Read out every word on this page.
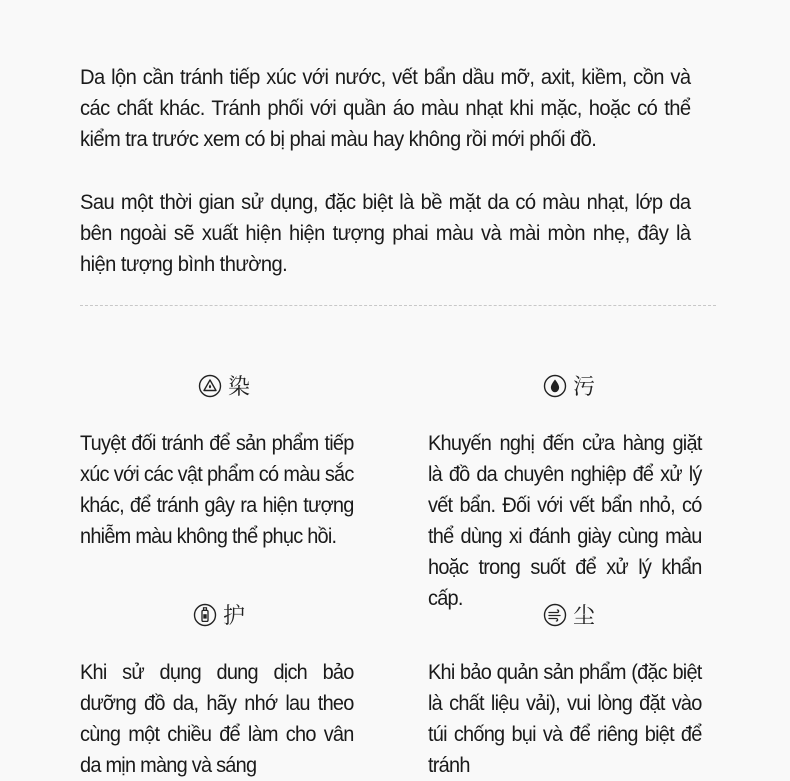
Da lộn cần tránh tiếp xúc với nước, vết bẩn dầu mỡ, axit, kiềm, cồn và các chất khác. Tránh phối với quần áo màu nhạt khi mặc, hoặc có thể kiểm tra trước xem có bị phai màu hay không rồi mới phối đồ.

Sau một thời gian sử dụng, đặc biệt là bề mặt da có màu nhạt, lớp da bên ngoài sẽ xuất hiện hiện tượng phai màu và mài mòn nhẹ, đây là hiện tượng bình thường.

染

Tuyệt đối tránh để sản phẩm tiếp xúc với các vật phẩm có màu sắc khác, để tránh gây ra hiện tượng nhiễm màu không thể phục hồi.

污

Khuyến nghị đến cửa hàng giặt là đồ da chuyên nghiệp để xử lý vết bẩn. Đối với vết bẩn nhỏ, có thể dùng xi đánh giày cùng màu hoặc trong suốt để xử lý khẩn cấp.

护

Khi sử dụng dung dịch bảo dưỡng đồ da, hãy nhớ lau theo cùng một chiều để làm cho vân da mịn màng và sáng

尘

Khi bảo quản sản phẩm (đặc biệt là chất liệu vải), vui lòng đặt vào túi chống bụi và để riêng biệt để tránh
